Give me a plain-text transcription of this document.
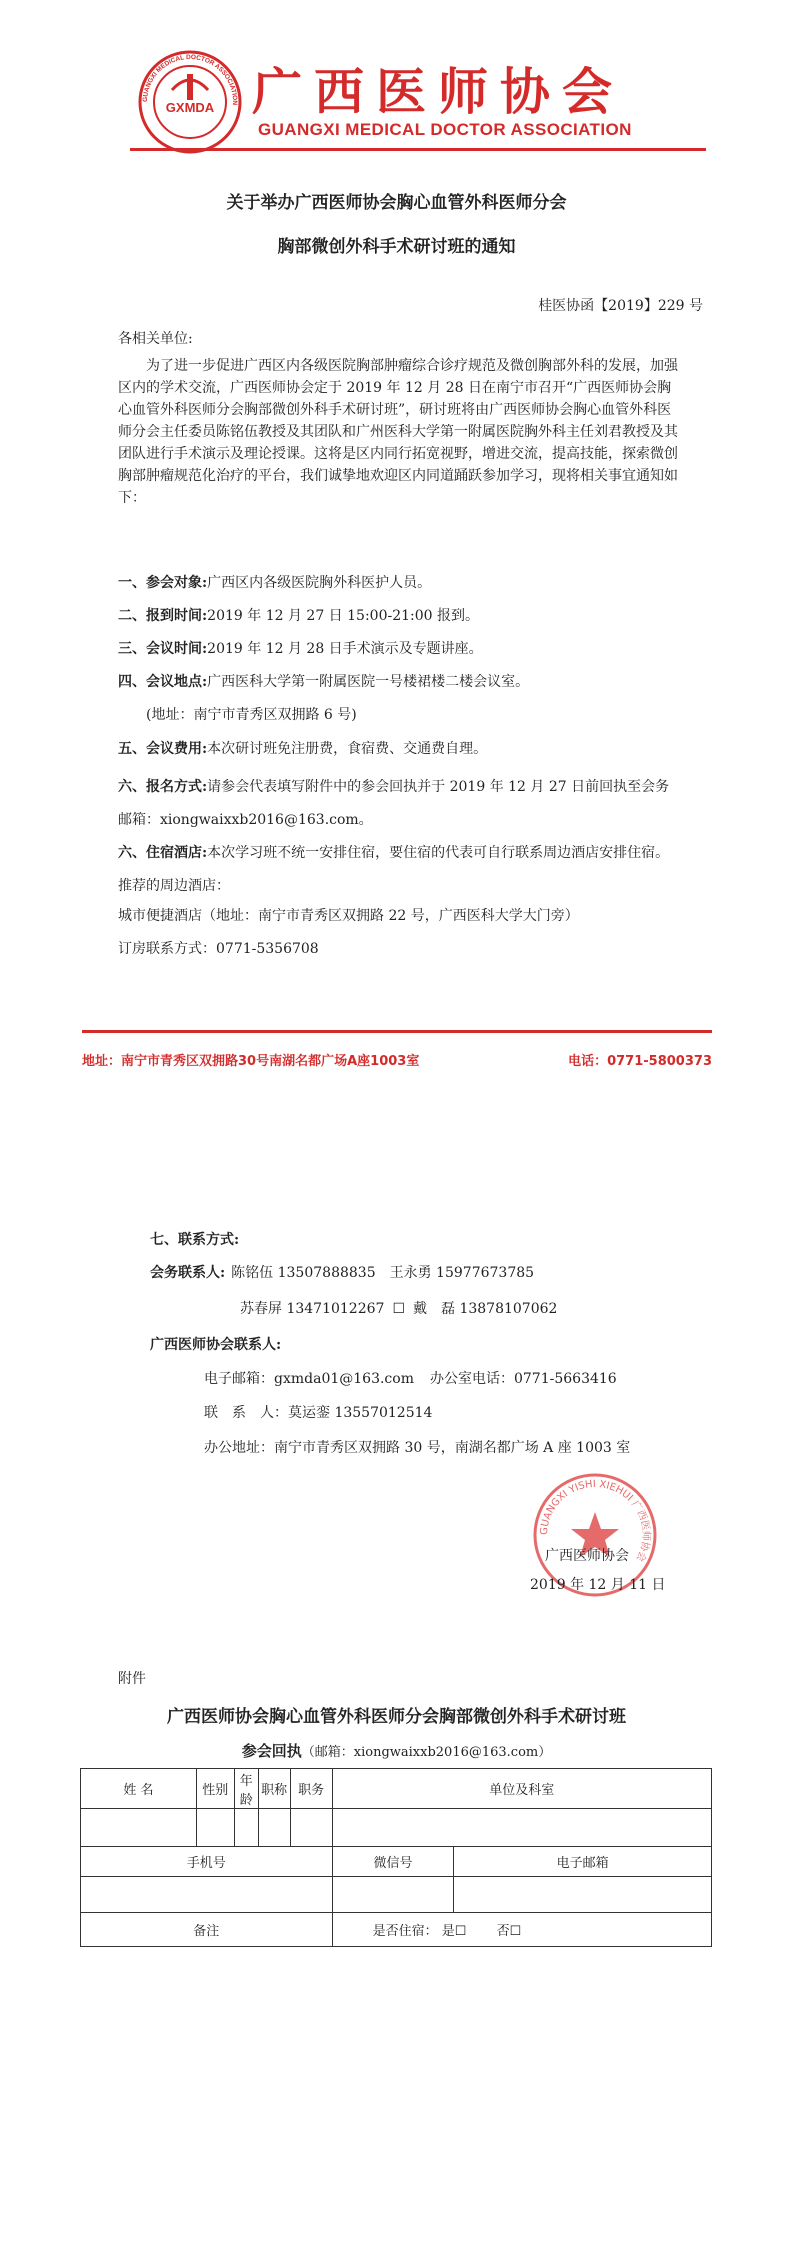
GUANGXI MEDICAL DOCTOR ASSOCIATION
GXMDA 广西医师协会
GUANGXI MEDICAL DOCTOR ASSOCIATION
关于举办广西医师协会胸心血管外科医师分会
胸部微创外科手术研讨班的通知
桂医协函【2019】229 号
各相关单位:
为了进一步促进广西区内各级医院胸部肿瘤综合诊疗规范及微创胸部外科的发展，加强区内的学术交流，广西医师协会定于 2019 年 12 月 28 日在南宁市召开“广西医师协会胸心血管外科医师分会胸部微创外科手术研讨班”，研讨班将由广西医师协会胸心血管外科医师分会主任委员陈铭伍教授及其团队和广州医科大学第一附属医院胸外科主任刘君教授及其团队进行手术演示及理论授课。这将是区内同行拓宽视野，增进交流，提高技能，探索微创胸部肿瘤规范化治疗的平台，我们诚挚地欢迎区内同道踊跃参加学习，现将相关事宜通知如下：
一、参会对象:广西区内各级医院胸外科医护人员。
二、报到时间:2019 年 12 月 27 日 15:00-21:00 报到。
三、会议时间:2019 年 12 月 28 日手术演示及专题讲座。
四、会议地点:广西医科大学第一附属医院一号楼裙楼二楼会议室。
(地址：南宁市青秀区双拥路 6 号)
五、会议费用:本次研讨班免注册费，食宿费、交通费自理。
六、报名方式:请参会代表填写附件中的参会回执并于 2019 年 12 月 27 日前回执至会务邮箱：xiongwaixxb2016@163.com。
六、住宿酒店:本次学习班不统一安排住宿，要住宿的代表可自行联系周边酒店安排住宿。推荐的周边酒店：
城市便捷酒店（地址：南宁市青秀区双拥路 22 号，广西医科大学大门旁）
订房联系方式：0771-5356708
地址：南宁市青秀区双拥路30号南湖名都广场A座1003室	电话：0771-5800373
七、联系方式:
会务联系人: 陈铭伍 13507888835 王永勇 15977673785
苏春屏 13471012267 ☐ 戴　磊 13878107062
广西医师协会联系人:
电子邮箱：gxmda01@163.com 办公室电话：0771-5663416
联　系　人：莫运銮 13557012514
办公地址：南宁市青秀区双拥路 30 号，南湖名都广场 A 座 1003 室
GUANGXI YISHI XIEHUI 广西医师协会
广西医师协会
2019 年 12 月 11 日
附件
广西医师协会胸心血管外科医师分会胸部微创外科手术研讨班
参会回执（邮箱：xiongwaixxb2016@163.com）
姓 名	性别	年龄	职称	职务	单位及科室	

手机号					微信号	电子邮箱

备注					是否住宿： 是☐ 否☐	
